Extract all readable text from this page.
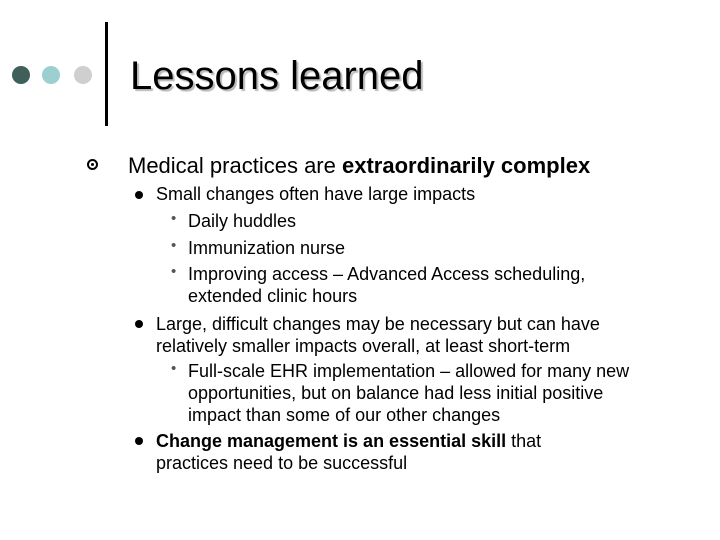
Lessons learned
Medical practices are extraordinarily complex
Small changes often have large impacts
• Daily huddles
• Immunization nurse
• Improving access – Advanced Access scheduling, extended clinic hours
Large, difficult changes may be necessary but can have relatively smaller impacts overall, at least short-term
• Full-scale EHR implementation – allowed for many new opportunities, but on balance had less initial positive impact than some of our other changes
Change management is an essential skill that practices need to be successful
